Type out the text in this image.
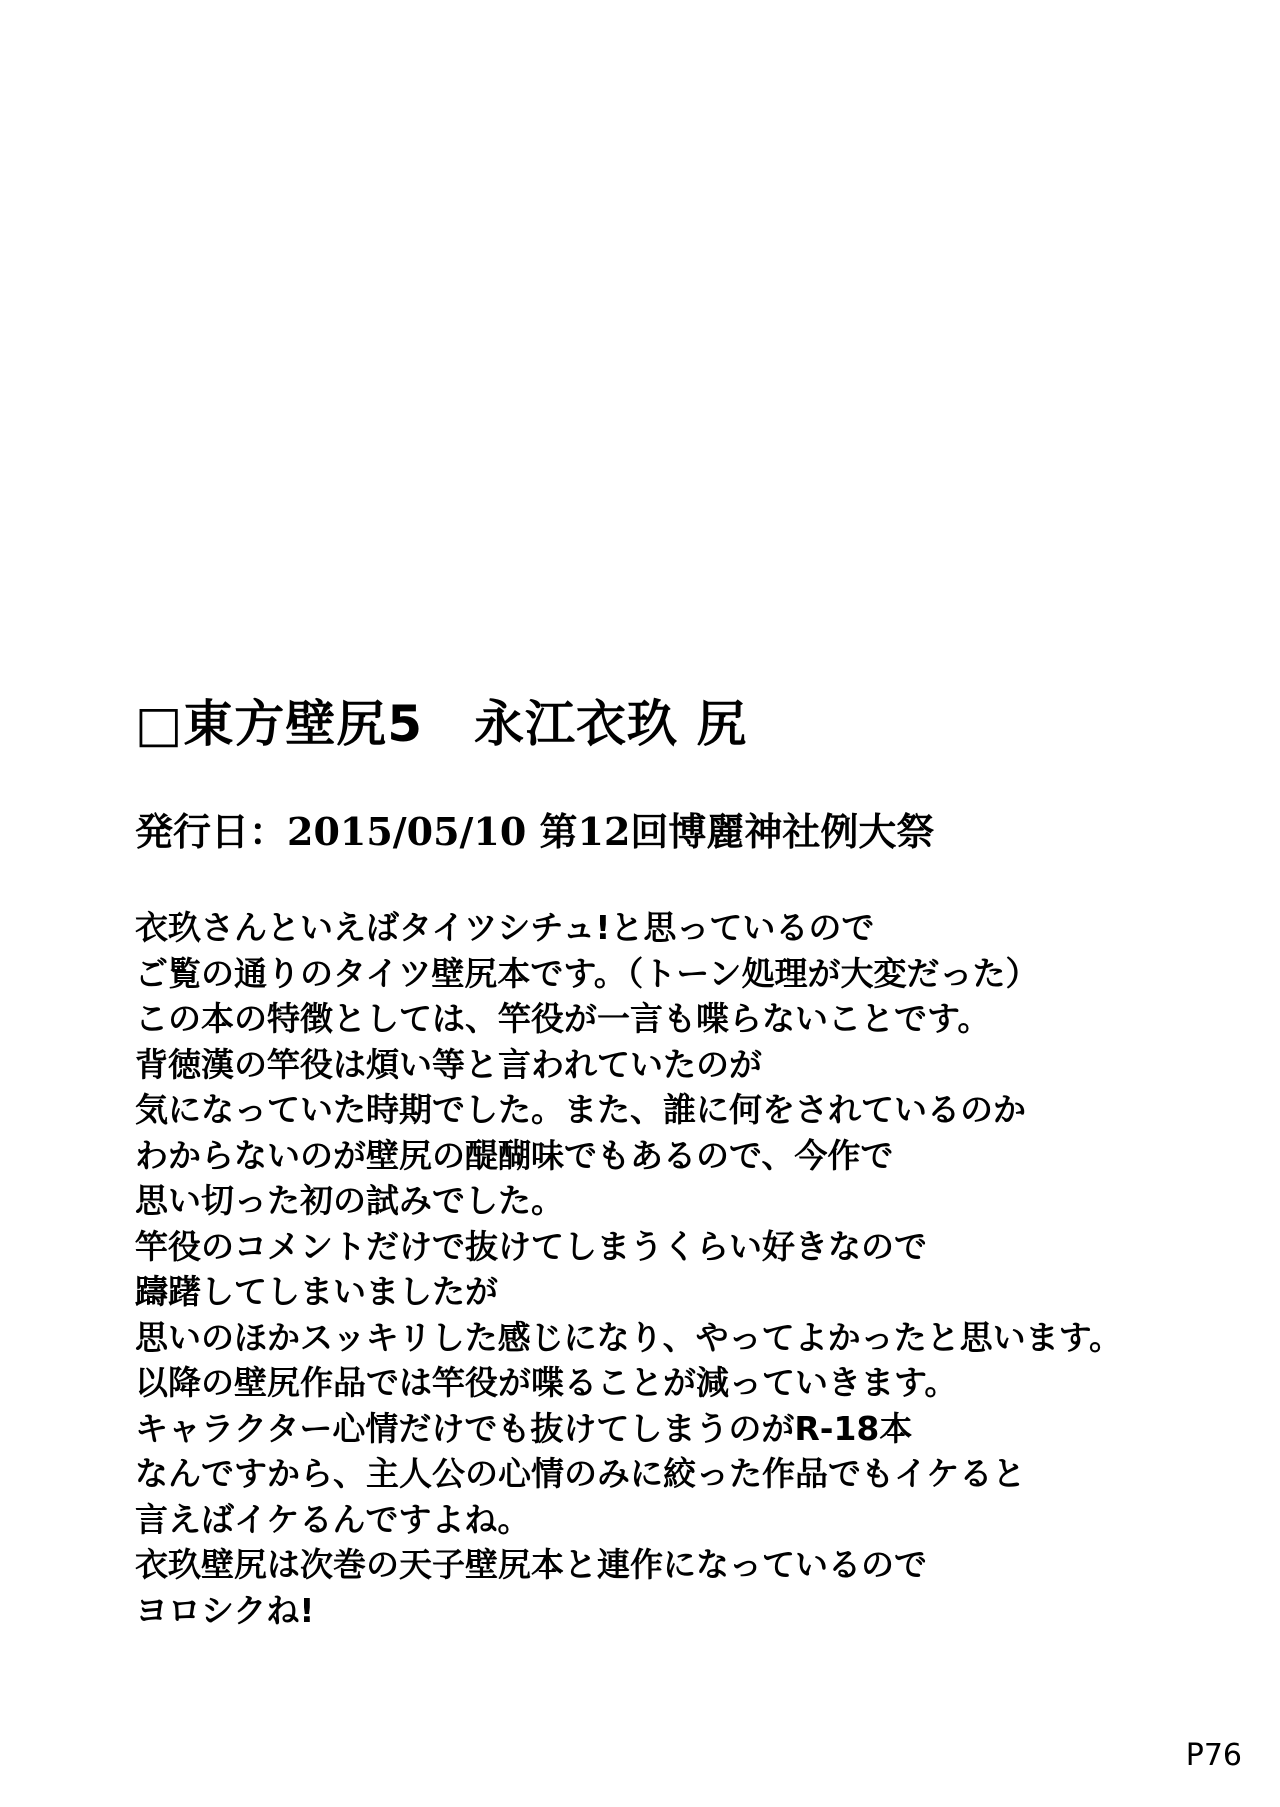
□東方壁尻5　永江衣玖 尻
発行日：2015/05/10 第12回博麗神社例大祭
衣玖さんといえばタイツシチュ!と思っているので
ご覧の通りのタイツ壁尻本です。（トーン処理が大変だった）
この本の特徴としては、竿役が一言も喋らないことです。
背徳漢の竿役は煩い等と言われていたのが
気になっていた時期でした。また、誰に何をされているのか
わからないのが壁尻の醍醐味でもあるので、今作で
思い切った初の試みでした。
竿役のコメントだけで抜けてしまうくらい好きなので
躊躇してしまいましたが
思いのほかスッキリした感じになり、やってよかったと思います。
以降の壁尻作品では竿役が喋ることが減っていきます。
キャラクター心情だけでも抜けてしまうのがR-18本
なんですから、主人公の心情のみに絞った作品でもイケると
言えばイケるんですよね。
衣玖壁尻は次巻の天子壁尻本と連作になっているので
ヨロシクね!
P76
